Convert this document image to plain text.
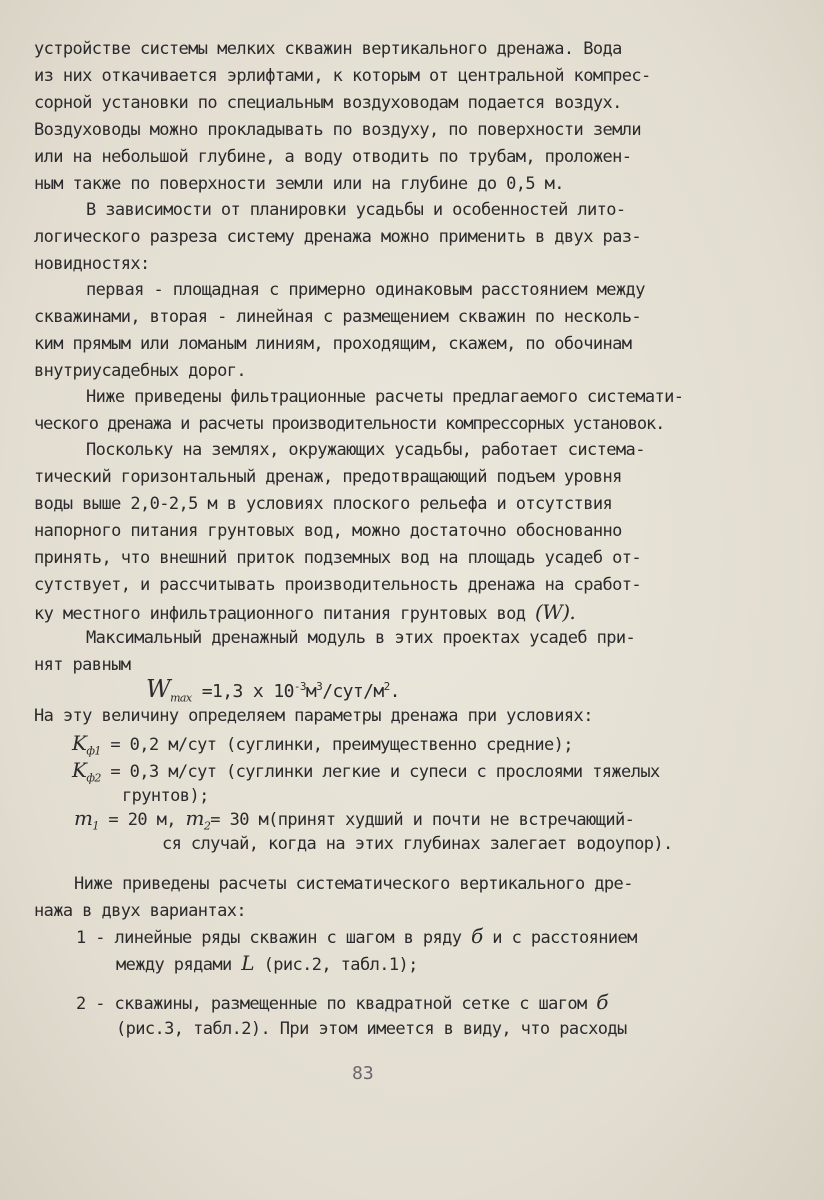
устройстве системы мелких скважин вертикального дренажа. Вода
из них откачивается эрлифтами, к которым от центральной компрес-
сорной установки по специальным воздуховодам подается воздух.
Воздуховоды можно прокладывать по воздуху, по поверхности земли
или на небольшой глубине, а воду отводить по трубам, проложен-
ным также по поверхности земли или на глубине до 0,5 м.
В зависимости от планировки усадьбы и особенностей лито-
логического разреза систему дренажа можно применить в двух раз-
новидностях:
первая - площадная с примерно одинаковым расстоянием между
скважинами, вторая - линейная с размещением скважин по несколь-
ким прямым или ломаным линиям, проходящим, скажем, по обочинам
внутриусадебных дорог.
Ниже приведены фильтрационные расчеты предлагаемого системати-
ческого дренажа и расчеты производительности компрессорных установок.
Поскольку на землях, окружающих усадьбы, работает система-
тический горизонтальный дренаж, предотвращающий подъем уровня
воды выше 2,0-2,5 м в условиях плоского рельефа и отсутствия
напорного питания грунтовых вод, можно достаточно обоснованно
принять, что внешний приток подземных вод на площадь усадеб от-
сутствует, и рассчитывать производительность дренажа на сработ-
ку местного инфильтрационного питания грунтовых вод (W).
Максимальный дренажный модуль в этих проектах усадеб при-
нят равным
$W_{max} =1,3$ х $10^{-3}м^3/сут/м^2$.
На эту величину определяем параметры дренажа при условиях:
$K_{ф1} = 0,2$ м/сут (суглинки, преимущественно средние);
$K_{ф2} = 0,3$ м/сут (суглинки легкие и супеси с прослоями тяжелых
грунтов);
$m_1 = 20$ м, $m_2= 30$ м(принят худший и почти не встречающий-
ся случай, когда на этих глубинах залегает водоупор).
Ниже приведены расчеты систематического вертикального дре-
нажа в двух вариантах:
1 - линейные ряды скважин с шагом в ряду б и с расстоянием
между рядами L (рис.2, табл.1);
2 - скважины, размещенные по квадратной сетке с шагом б
(рис.3, табл.2). При этом имеется в виду, что расходы
83
